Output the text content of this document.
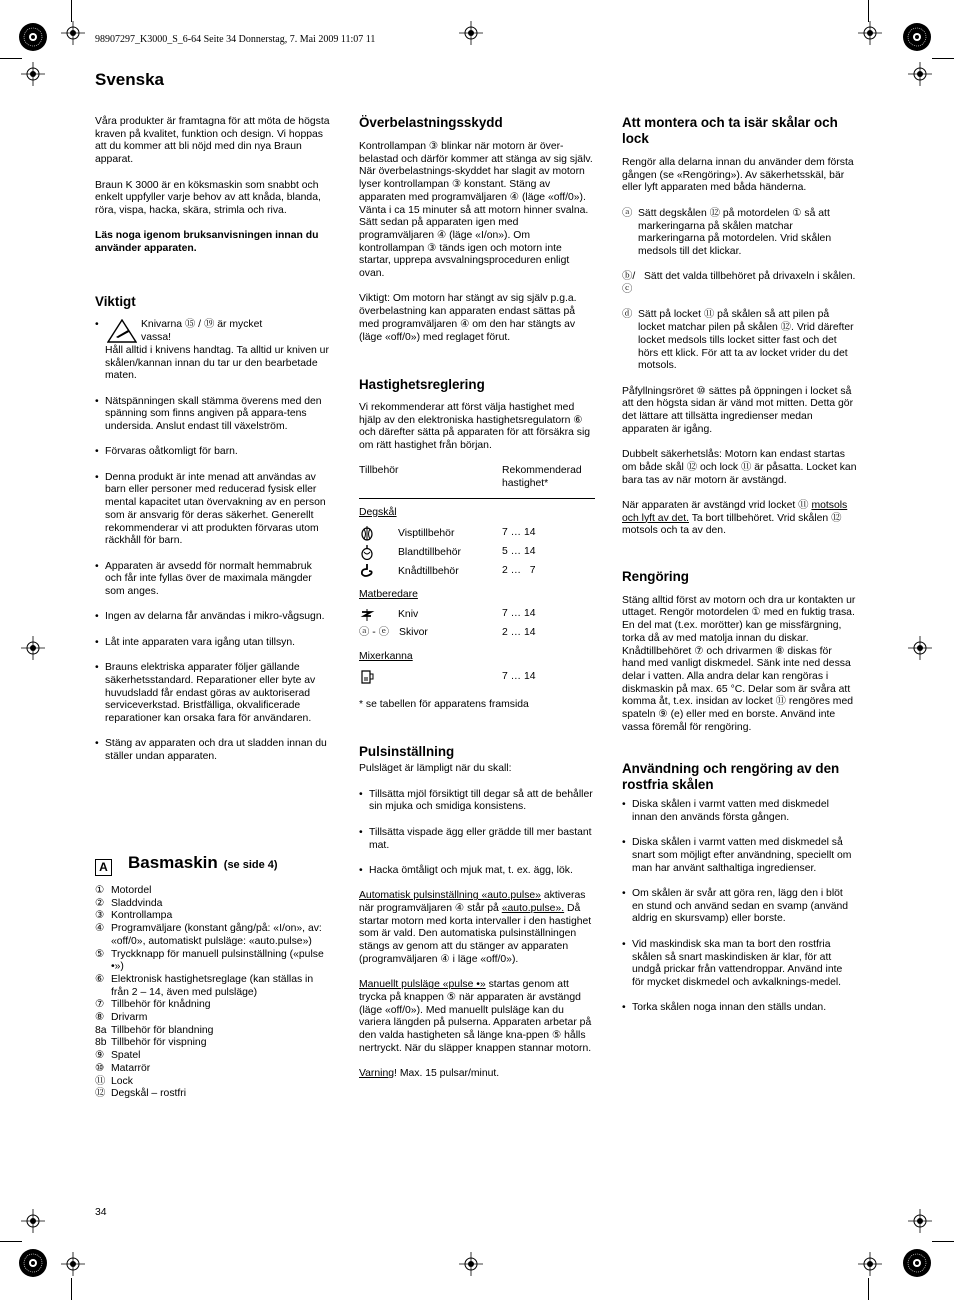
98907297_K3000_S_6-64 Seite 34 Donnerstag, 7. Mai 2009 11:07 11
Svenska

Våra produkter är framtagna för att möta de högsta kraven på kvalitet, funktion och design. Vi hoppas att du kommer att bli nöjd med din nya Braun apparat.

Braun K 3000 är en köksmaskin som snabbt och enkelt uppfyller varje behov av att knåda, blanda, röra, vispa, hacka, skära, strimla och riva.

Läs noga igenom bruksanvisningen innan du använder apparaten.

Viktigt
• Knivarna ⑮ / ⑲ är mycket
vassa!
Håll alltid i knivens handtag. Ta alltid ur kniven ur skålen/kannan innan du tar ur den bearbetade maten.
• Nätspänningen skall stämma överens med den spänning som finns angiven på appara-tens undersida. Anslut endast till växelström.
• Förvaras oåtkomligt för barn.
• Denna produkt är inte menad att användas av barn eller personer med reducerad fysisk eller mental kapacitet utan övervakning av en person som är ansvarig för deras säkerhet. Generellt rekommenderar vi att produkten förvaras utom räckhåll för barn.
• Apparaten är avsedd för normalt hemmabruk och får inte fyllas över de maximala mängder som anges.
• Ingen av delarna får användas i mikro-vågsugn.
• Låt inte apparaten vara igång utan tillsyn.
• Brauns elektriska apparater följer gällande säkerhetsstandard. Reparationer eller byte av huvudsladd får endast göras av auktoriserad serviceverkstad. Bristfälliga, okvalificerade reparationer kan orsaka fara för användaren.
• Stäng av apparaten och dra ut sladden innan du ställer undan apparaten.
A Basmaskin (se side 4)
① Motordel
② Sladdvinda
③ Kontrollampa
④ Programväljare (konstant gång/på: «I/on», av: «off/0», automatiskt pulsläge: «auto.pulse»)
⑤ Tryckknapp för manuell pulsinställning («pulse •»)
⑥ Elektronisk hastighetsreglage (kan ställas in från 2 – 14, även med pulsläge)
⑦ Tillbehör för knådning
⑧ Drivarm
8a Tillbehör för blandning
8b Tillbehör för vispning
⑨ Spatel
⑩ Matarrör
⑪ Lock
⑫ Degskål – rostfri
Överbelastningsskydd

Kontrollampan ③ blinkar när motorn är över-belastad och därför kommer att stänga av sig själv. När överbelastnings-skyddet har slagit av motorn lyser kontrollampan ③ konstant. Stäng av apparaten med programväljaren ④ (läge «off/0»). Vänta i ca 15 minuter så att motorn hinner svalna. Sätt sedan på apparaten igen med programväljaren ④ (läge «I/on»). Om kontrollampan ③ tänds igen och motorn inte startar, upprepa avsvalningsproceduren enligt ovan.

Viktigt: Om motorn har stängt av sig själv p.g.a. överbelastning kan apparaten endast sättas på med programväljaren ④ om den har stängts av (läge «off/0») med reglaget förut.

Hastighetsreglering

Vi rekommenderar att först välja hastighet med hjälp av den elektroniska hastighetsregulatorn ⑥ och därefter sätta på apparaten för att försäkra sig om rätt hastighet från början.

Tillbehör	Rekommenderad hastighet*
Degskål	
Visptillbehör	7 … 14
Blandtillbehör	5 … 14
Knådtillbehör	2 …   7
Matberedare	
Kniv	7 … 14
ⓐ - ⓔ Skivor	2 … 14
Mixerkanna	
	7 … 14

* se tabellen för apparatens framsida

Pulsinställning

Pulsläget är lämpligt när du skall:

• Tillsätta mjöl försiktigt till degar så att de behåller sin mjuka och smidiga konsistens.
• Tillsätta vispade ägg eller grädde till mer bastant mat.
• Hacka ömtåligt och mjuk mat, t. ex. ägg, lök.

Automatisk pulsinställning «auto.pulse» aktiveras när programväljaren ④ står på «auto.pulse». Då startar motorn med korta intervaller i den hastighet som är vald. Den automatiska pulsinställningen stängs av genom att du stänger av apparaten (programväljaren ④ i läge «off/0»).

Manuellt pulsläge «pulse •» startas genom att trycka på knappen ⑤ när apparaten är avstängd (läge «off/0»). Med manuellt pulsläge kan du variera längden på pulserna. Apparaten arbetar på den valda hastigheten så länge kna-ppen ⑤ hålls nertryckt. När du släpper knappen stannar motorn.

Varning! Max. 15 pulsar/minut.

Att montera och ta isär skålar och lock

Rengör alla delarna innan du använder dem första gången (se «Rengöring»). Av säkerhetsskäl, bär eller lyft apparaten med båda händerna.

ⓐ Sätt degskålen ⑫ på motordelen ① så att markeringarna på skålen matchar markeringarna på motordelen. Vrid skålen medsols till det klickar.
ⓑ/ⓒ
Sätt det valda tillbehöret på drivaxeln i skålen.
ⓓ Sätt på locket ⑪ på skålen så att pilen på locket matchar pilen på skålen ⑫. Vrid därefter locket medsols tills locket sitter fast och det hörs ett klick. För att ta av locket vrider du det motsols.

Påfyllningsröret ⑩ sättes på öppningen i locket så att den högsta sidan är vänd mot mitten. Detta gör det lättare att tillsätta ingredienser medan apparaten är igång.

Dubbelt säkerhetslås: Motorn kan endast startas om både skål ⑫ och lock ⑪ är påsatta. Locket kan bara tas av när motorn är avstängd.

När apparaten är avstängd vrid locket ⑪ motsols och lyft av det. Ta bort tillbehöret. Vrid skålen ⑫ motsols och ta av den.

Rengöring

Stäng alltid först av motorn och dra ur kontakten ur uttaget. Rengör motordelen ① med en fuktig trasa. En del mat (t.ex. morötter) kan ge missfärgning, torka då av med matolja innan du diskar. Knådtillbehöret ⑦ och drivarmen ⑧ diskas för hand med vanligt diskmedel. Sänk inte ned dessa delar i vatten. Alla andra delar kan rengöras i diskmaskin på max. 65 °C. Delar som är svåra att komma åt, t.ex. insidan av locket ⑪ rengöres med spateln ⑨ (e) eller med en borste. Använd inte vassa föremål för rengöring.

Användning och rengöring av den rostfria skålen
• Diska skålen i varmt vatten med diskmedel innan den används första gången.
• Diska skålen i varmt vatten med diskmedel så snart som möjligt efter användning, speciellt om man har använt salthaltiga ingredienser.
• Om skålen är svår att göra ren, lägg den i blöt en stund och använd sedan en svamp (använd aldrig en skursvamp) eller borste.
• Vid maskindisk ska man ta bort den rostfria skålen så snart maskindisken är klar, för att undgå prickar från vattendroppar. Använd inte för mycket diskmedel och avkalknings-medel.
• Torka skålen noga innan den ställs undan.
34
